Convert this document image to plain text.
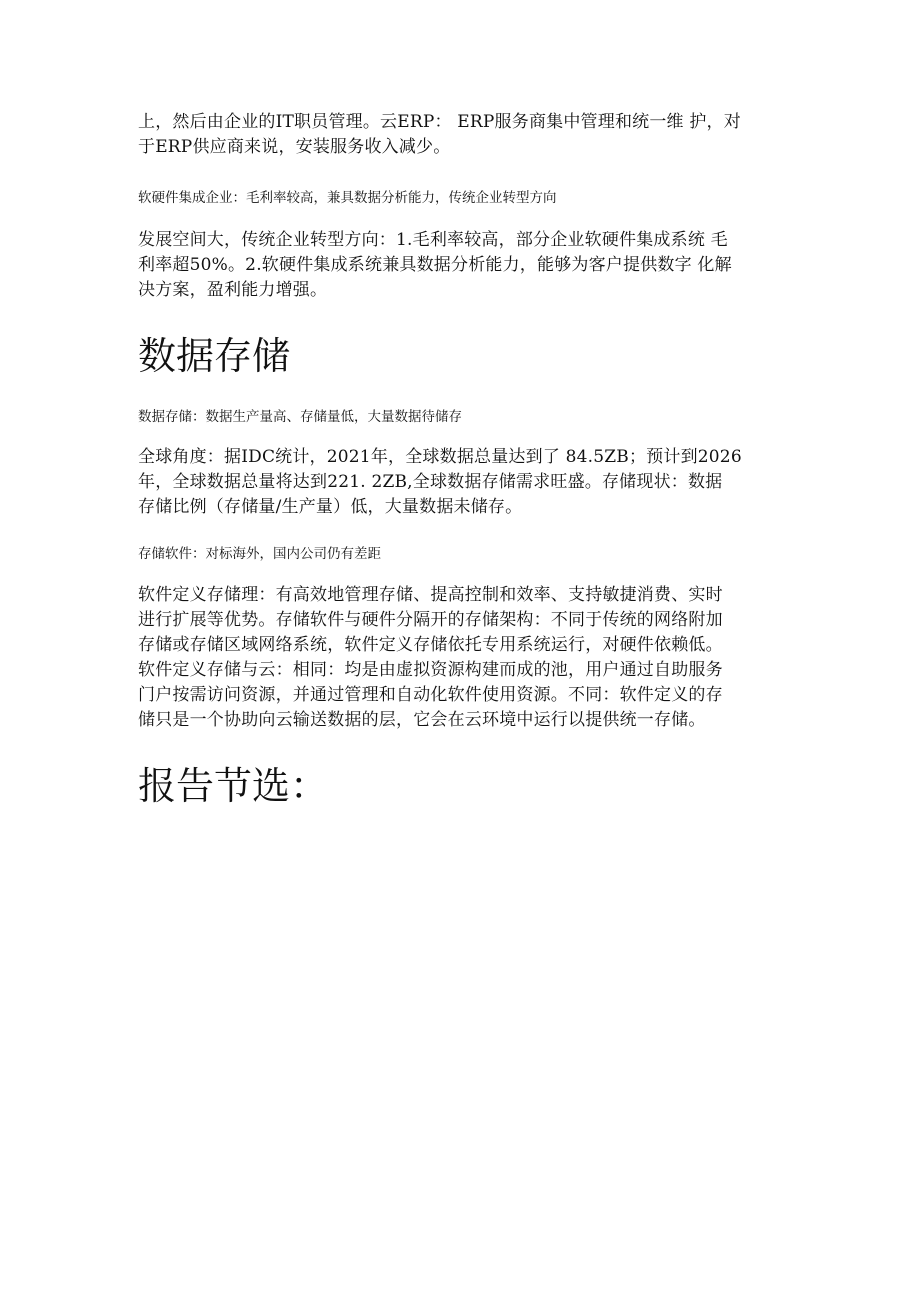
上，然后由企业的IT职员管理。云ERP： ERP服务商集中管理和统一维 护，对
于ERP供应商来说，安装服务收入减少。

软硬件集成企业：毛利率较高，兼具数据分析能力，传统企业转型方向

发展空间大，传统企业转型方向：1.毛利率较高，部分企业软硬件集成系统 毛
利率超50%。2.软硬件集成系统兼具数据分析能力，能够为客户提供数字 化解
决方案，盈利能力增强。

数据存储

数据存储：数据生产量高、存储量低，大量数据待储存

全球角度：据IDC统计，2021年，全球数据总量达到了 84.5ZB；预计到2026
年，全球数据总量将达到221. 2ZB,全球数据存储需求旺盛。存储现状：数据
存储比例（存储量/生产量）低，大量数据未储存。

存储软件：对标海外，国内公司仍有差距

软件定义存储理：有高效地管理存储、提高控制和效率、支持敏捷消费、实时
进行扩展等优势。存储软件与硬件分隔开的存储架构：不同于传统的网络附加
存储或存储区域网络系统，软件定义存储依托专用系统运行，对硬件依赖低。
软件定义存储与云：相同：均是由虚拟资源构建而成的池，用户通过自助服务
门户按需访问资源，并通过管理和自动化软件使用资源。不同：软件定义的存
储只是一个协助向云输送数据的层，它会在云环境中运行以提供统一存储。

报告节选：
